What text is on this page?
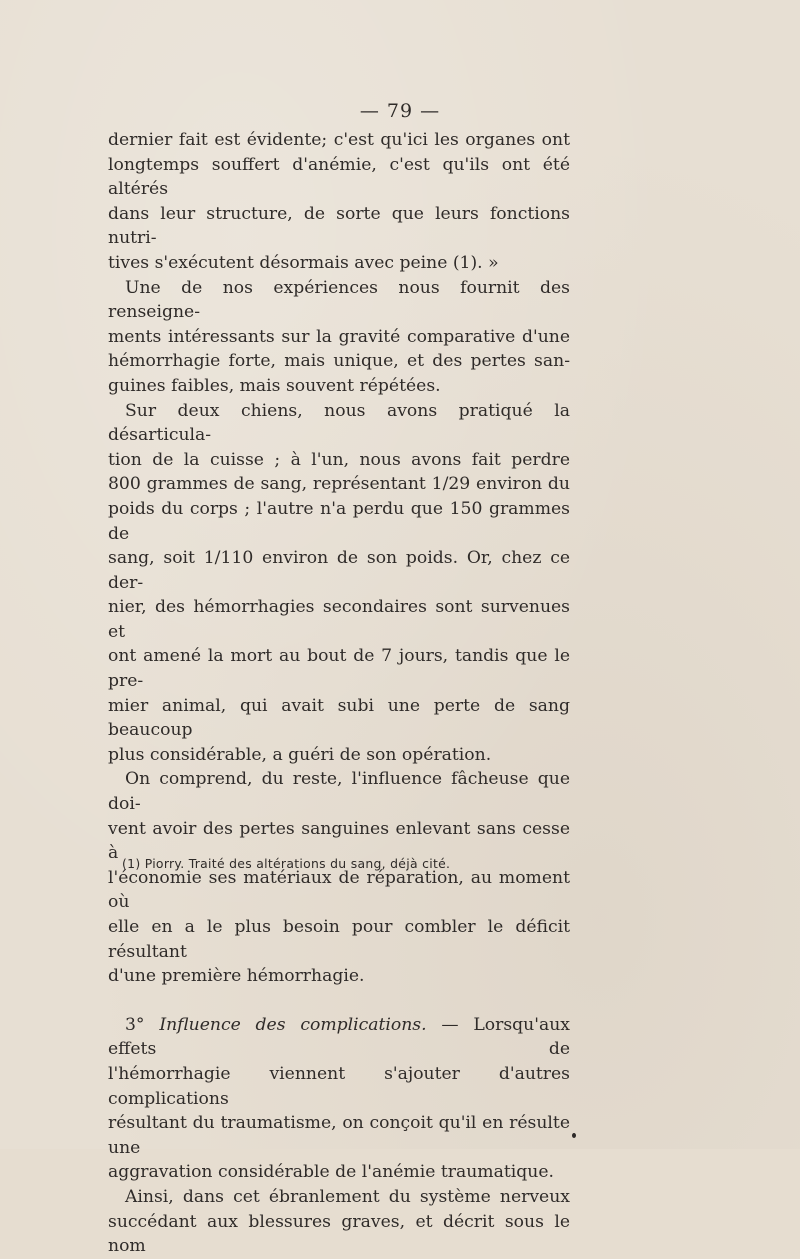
— 79 —

dernier fait est évidente; c'est qu'ici les organes ont

longtemps souffert d'anémie, c'est qu'ils ont été altérés

dans leur structure, de sorte que leurs fonctions nutri-

tives s'exécutent désormais avec peine (1). »

Une de nos expériences nous fournit des renseigne-

ments intéressants sur la gravité comparative d'une

hémorrhagie forte, mais unique, et des pertes san-

guines faibles, mais souvent répétées.

Sur deux chiens, nous avons pratiqué la désarticula-

tion de la cuisse ; à l'un, nous avons fait perdre

800 grammes de sang, représentant 1/29 environ du

poids du corps ; l'autre n'a perdu que 150 grammes de

sang, soit 1/110 environ de son poids. Or, chez ce der-

nier, des hémorrhagies secondaires sont survenues et

ont amené la mort au bout de 7 jours, tandis que le pre-

mier animal, qui avait subi une perte de sang beaucoup

plus considérable, a guéri de son opération.

On comprend, du reste, l'influence fâcheuse que doi-

vent avoir des pertes sanguines enlevant sans cesse à

l'économie ses matériaux de réparation, au moment où

elle en a le plus besoin pour combler le déficit résultant

d'une première hémorrhagie.

3° Influence des complications. — Lorsqu'aux effets de

l'hémorrhagie viennent s'ajouter d'autres complications

résultant du traumatisme, on conçoit qu'il en résulte une

aggravation considérable de l'anémie traumatique.

Ainsi, dans cet ébranlement du système nerveux

succédant aux blessures graves, et décrit sous le nom

(1) Piorry. Traité des altérations du sang, déjà cité.
